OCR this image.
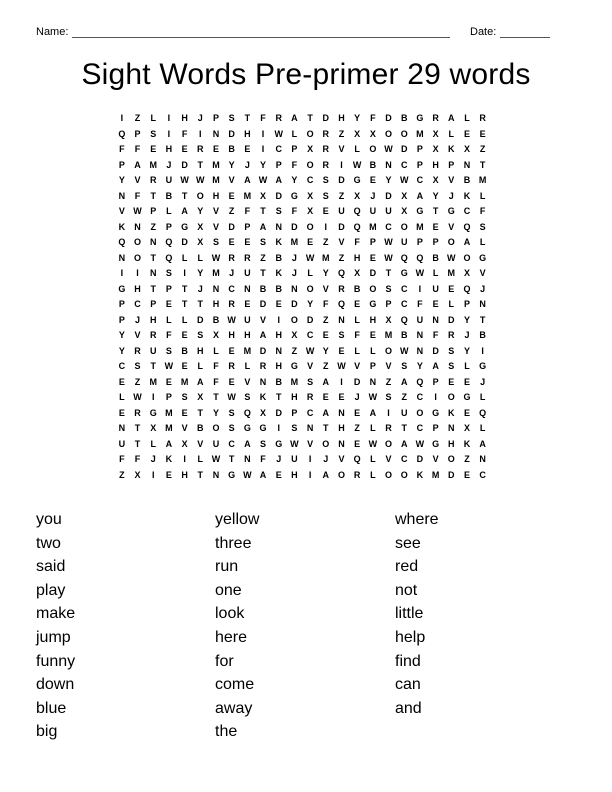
Name:	Date:
Sight Words Pre-primer 29 words
I	Z	L	I	H	J	P	S	T	F	R	A	T	D	H	Y	F	D	B G R	A	L	R
Q	P	S	I	F	I	N	D	H	I	W L	O R	Z	X	X	O O M X	L	E	E
F	F	E	H	E	R	E	B	E	I	C	P	X	R	V	L	O W D	P	X	K	X	Z
P	A M	J	D	T	M Y	J	Y	P	F	O R	I	W B	N	C	P	H	P	N	T
Y	V	R	U W W M V	A W A	Y	C	S	D G	E	Y W C	X	V	B M
N	F	T	B	T	O H	E M X	D G	X	S	Z	X	J	D	X	A	Y	J	K	L
V W P	L	A	Y	V	Z	F	T	S	F	X	E	U Q U	U	X	G	T	G C	F
K	N	Z	P	G	X	V	D	P	A	N	D O	I	D Q M C O M E	V	Q	S
Q O N Q D	X	S	E	E	S	K M E	Z	V	F	P W U	P	P	O A	L
N O	T	Q	L	L W R	R	Z	B	J W M	Z	H	E W Q Q B W O G
I	I	N	S	I	Y M	J	U	T	K	J	L	Y	Q	X	D	T	G W L	M X	V
G H	T	P	T	J	N	C	N	B	B	N O	V	R	B O	S	C	I	U	E	Q	J
P	C	P	E	T	T	H	R	E	D	E	D	Y	F	Q	E	G	P	C	F	E	L	P	N
P	J	H	L	L	D	B W U	V	I	O D	Z	N	L	H	X	Q U	N	D	Y	T
Y	V	R	F	E	S	X	H	H	A	H	X	C	E	S	F	E M B	N	F	R	J	B
Y	R	U	S	B	H	L	E M D	N	Z W Y	E	L	L	O W N	D	S	Y	I
C	S	T W E	L	F	R	L	R	H G	V	Z W V	P	V	S	Y	A	S	L	G
E	Z	M E M A	F	E	V	N	B M S	A	I	D	N	Z	A Q	P	E	E	J
L W	I	P	S	X	T W S	K	T	H	R	E	E	J W S	Z	C	I	O G	L
E	R G M E	T	Y	S	Q	X	D	P	C	A	N	E	A	I	U O G K	E	Q
N	T	X M V	B O	S	G G	I	S	N	T	H	Z	L	R	T	C	P	N	X	L
U	T	L	A	X	V	U	C	A	S	G W V	O N	E W O A W G H	K	A
F	F	J	K	I	L W T	N	F	J	U	I	J	V	Q	L	V	C	D	V	O	Z	N
Z	X	I	E	H	T	N G W A	E	H	I	A O R	L	O O K M D	E	C
you
two
said
play
make
jump
funny
down
blue
big
yellow
three
run
one
look
here
for
come
away
the
where
see
red
not
little
help
find
can
and
